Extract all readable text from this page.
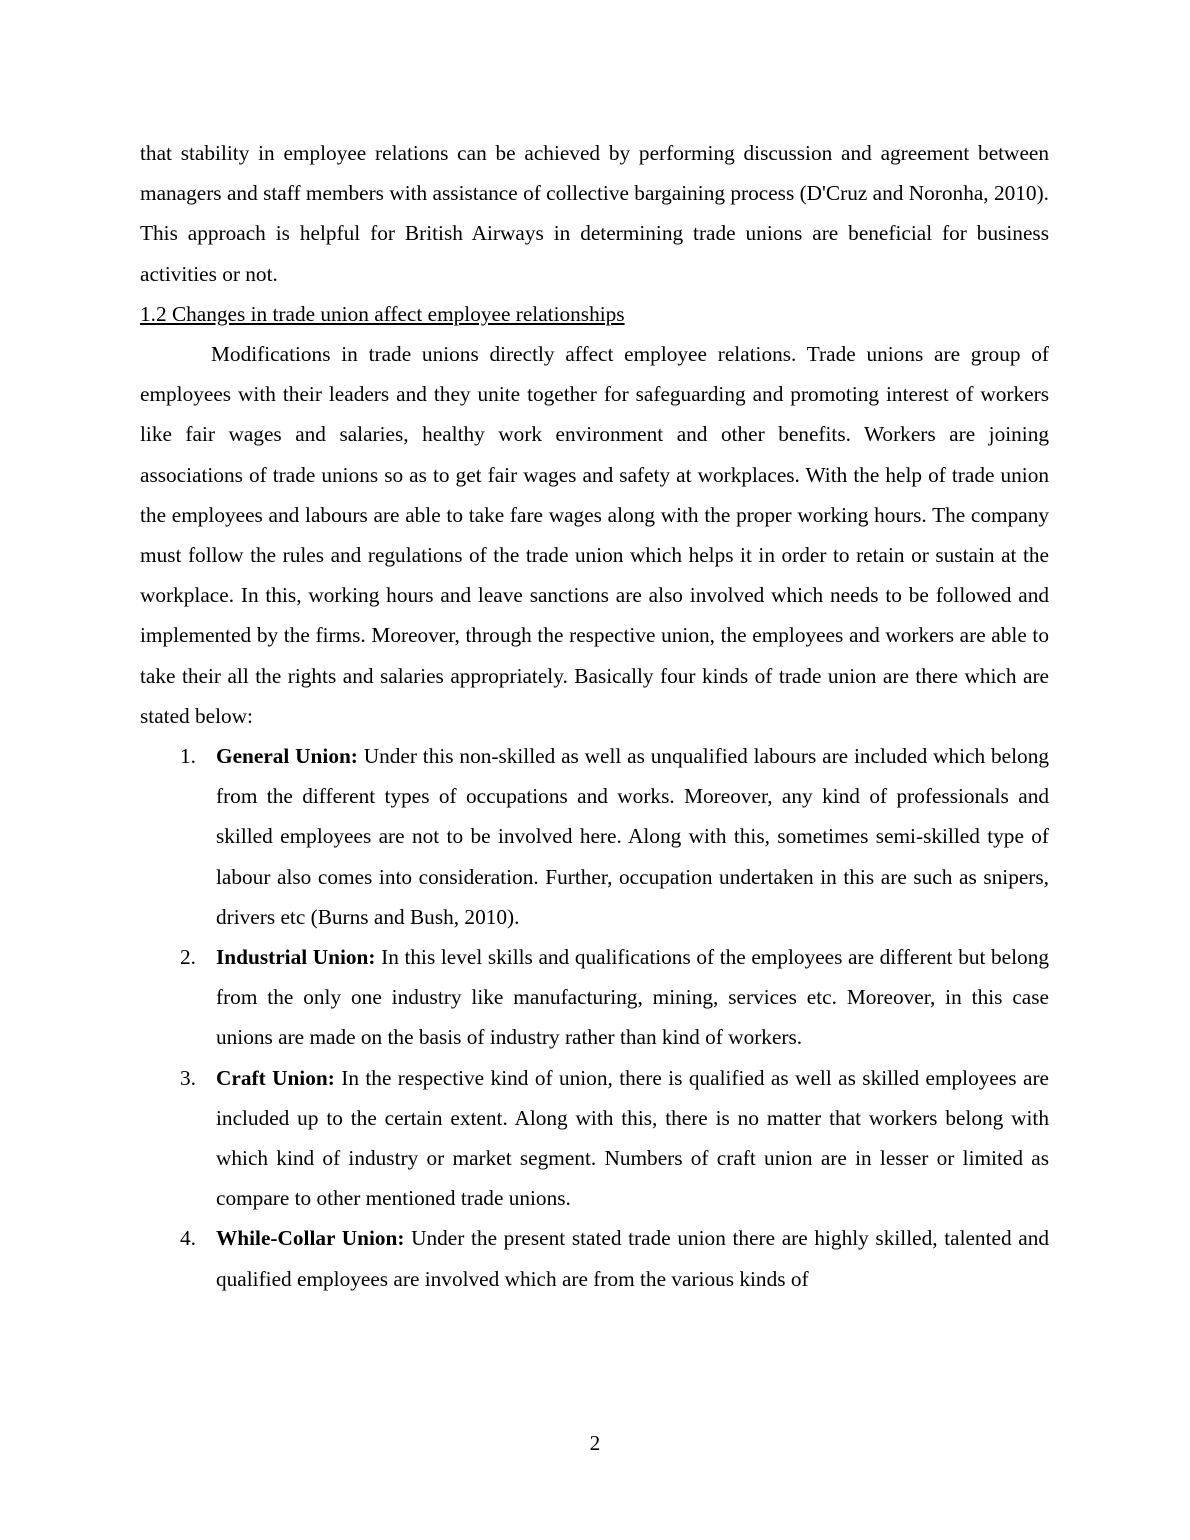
that stability in employee relations can be achieved by performing discussion and agreement between managers and staff members with assistance of collective bargaining process (D'Cruz and Noronha, 2010). This approach is helpful for British Airways in determining trade unions are beneficial for business activities or not.

1.2 Changes in trade union affect employee relationships

Modifications in trade unions directly affect employee relations. Trade unions are group of employees with their leaders and they unite together for safeguarding and promoting interest of workers like fair wages and salaries, healthy work environment and other benefits. Workers are joining associations of trade unions so as to get fair wages and safety at workplaces. With the help of trade union the employees and labours are able to take fare wages along with the proper working hours. The company must follow the rules and regulations of the trade union which helps it in order to retain or sustain at the workplace. In this, working hours and leave sanctions are also involved which needs to be followed and implemented by the firms. Moreover, through the respective union, the employees and workers are able to take their all the rights and salaries appropriately. Basically four kinds of trade union are there which are stated below:

1. General Union: Under this non-skilled as well as unqualified labours are included which belong from the different types of occupations and works. Moreover, any kind of professionals and skilled employees are not to be involved here. Along with this, sometimes semi-skilled type of labour also comes into consideration. Further, occupation undertaken in this are such as snipers, drivers etc (Burns and Bush, 2010).
2. Industrial Union: In this level skills and qualifications of the employees are different but belong from the only one industry like manufacturing, mining, services etc. Moreover, in this case unions are made on the basis of industry rather than kind of workers.
3. Craft Union: In the respective kind of union, there is qualified as well as skilled employees are included up to the certain extent. Along with this, there is no matter that workers belong with which kind of industry or market segment. Numbers of craft union are in lesser or limited as compare to other mentioned trade unions.
4. While-Collar Union: Under the present stated trade union there are highly skilled, talented and qualified employees are involved which are from the various kinds of
2
